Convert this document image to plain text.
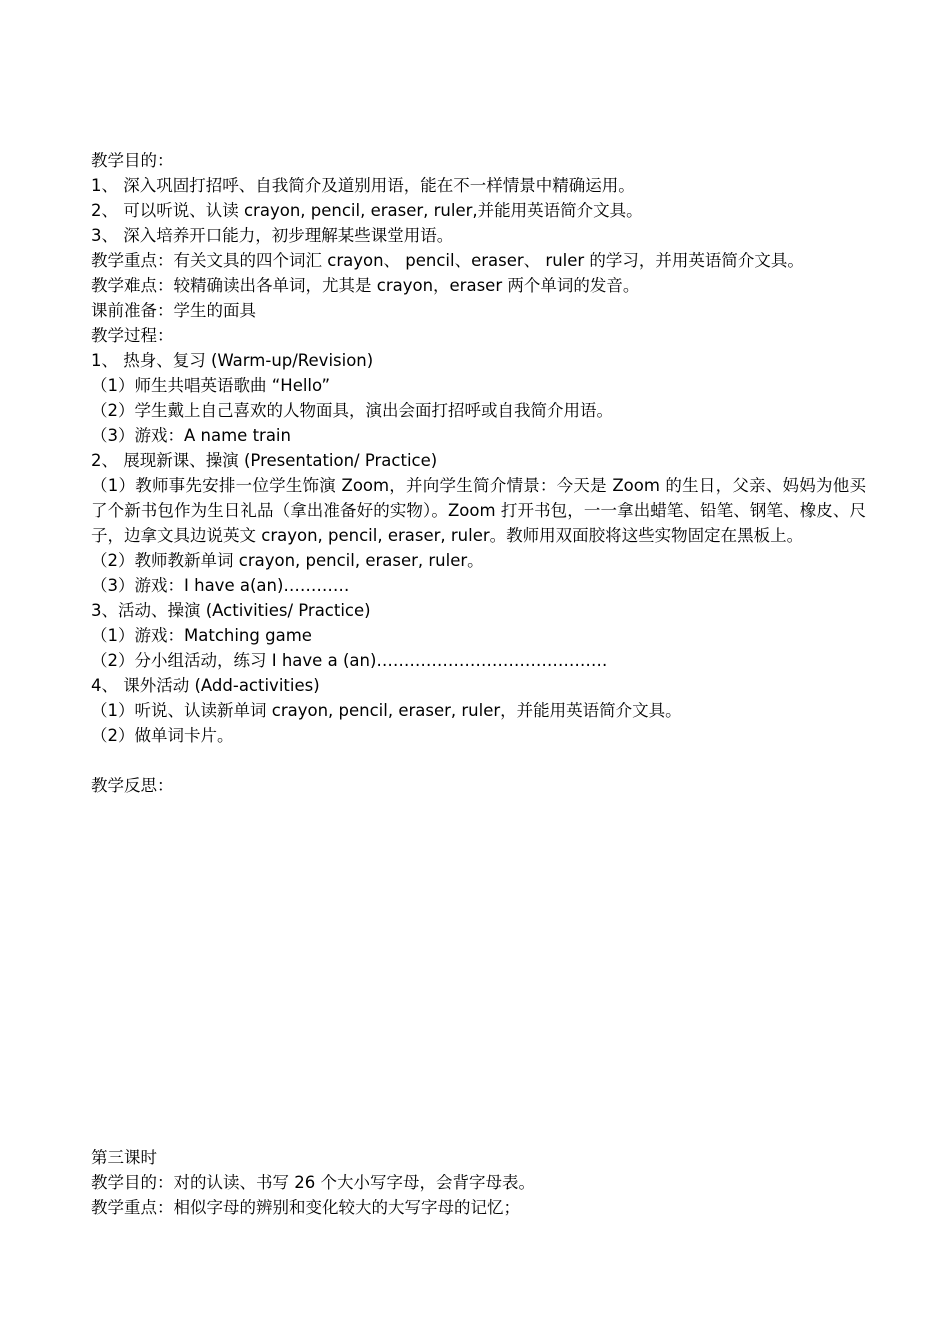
教学目的：
1、 深入巩固打招呼、自我简介及道别用语，能在不一样情景中精确运用。
2、 可以听说、认读 crayon, pencil, eraser, ruler,并能用英语简介文具。
3、 深入培养开口能力，初步理解某些课堂用语。
教学重点：有关文具的四个词汇 crayon、 pencil、eraser、 ruler 的学习，并用英语简介文具。
教学难点：较精确读出各单词，尤其是 crayon，eraser 两个单词的发音。
课前准备：学生的面具
教学过程：
1、 热身、复习 (Warm-up/Revision)
（1）师生共唱英语歌曲 “Hello”
（2）学生戴上自己喜欢的人物面具，演出会面打招呼或自我简介用语。
（3）游戏：A name train
2、 展现新课、操演 (Presentation/ Practice)
（1）教师事先安排一位学生饰演 Zoom，并向学生简介情景：今天是 Zoom 的生日，父亲、妈妈为他买了个新书包作为生日礼品（拿出准备好的实物）。Zoom 打开书包，一一拿出蜡笔、铅笔、钢笔、橡皮、尺子，边拿文具边说英文 crayon, pencil, eraser, ruler。教师用双面胶将这些实物固定在黑板上。
（2）教师教新单词 crayon, pencil, eraser, ruler。
（3）游戏：I have a(an)…………
3、活动、操演 (Activities/ Practice)
（1）游戏：Matching game
（2）分小组活动，练习 I have a (an)……………………………………
4、 课外活动 (Add-activities)
（1）听说、认读新单词 crayon, pencil, eraser, ruler，并能用英语简介文具。
（2）做单词卡片。
教学反思：
第三课时
教学目的：对的认读、书写 26 个大小写字母，会背字母表。
教学重点：相似字母的辨别和变化较大的大写字母的记忆；
